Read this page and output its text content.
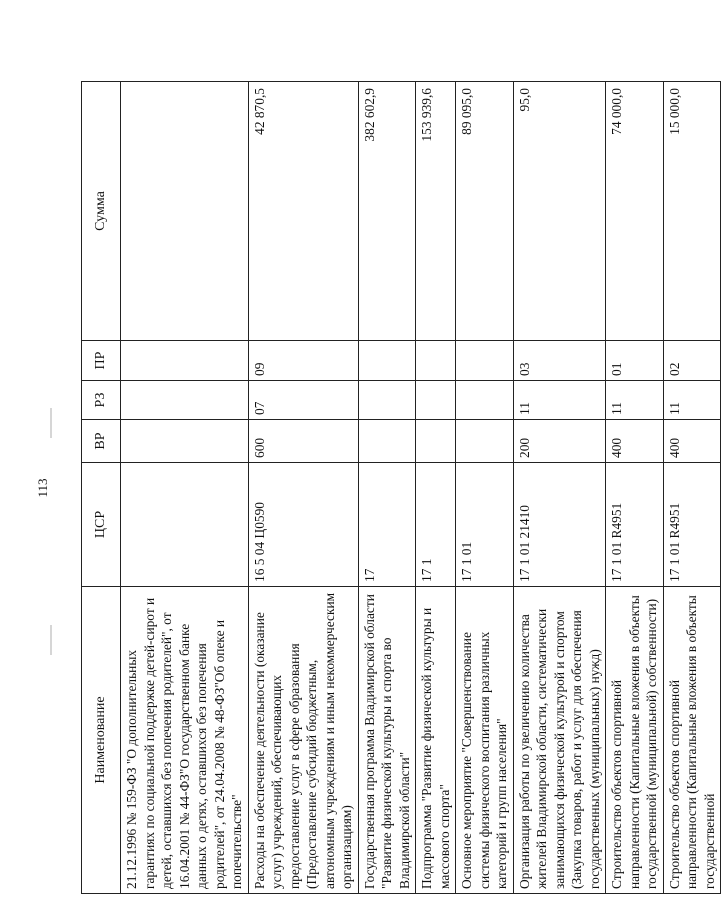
113
Наименование	ЦСР	ВР	РЗ	ПР	Сумма
21.12.1996 № 159-ФЗ "О дополнительных гарантиях по социальной поддержке детей-сирот и детей, оставшихся без попечения родителей", от 16.04.2001 № 44-ФЗ"О государственном банке данных о детях, оставшихся без попечения родителей", от 24.04.2008 № 48-ФЗ"Об опеке и попечительстве"					
Расходы на обеспечение деятельности (оказание услуг) учреждений, обеспечивающих предоставление услуг в сфере образования (Предоставление субсидий бюджетным, автономным учреждениям и иным некоммерческим организациям)	16 5 04 Ц0590	600	07	09	42 870,5
Государственная программа Владимирской области "Развитие физической культуры и спорта во Владимирской области"	17				382 602,9
Подпрограмма "Развитие физической культуры и массового спорта"	17 1				153 939,6
Основное мероприятие "Совершенствование системы физического воспитания различных категорий и групп населения"	17 1 01				89 095,0
Организация работы по увеличению количества жителей Владимирской области, систематически занимающихся физической культурой и спортом (Закупка товаров, работ и услуг для обеспечения государственных (муниципальных) нужд)	17 1 01 21410	200	11	03	95,0
Строительство объектов спортивной направленности (Капитальные вложения в объекты государственной (муниципальной) собственности)	17 1 01 R4951	400	11	01	74 000,0
Строительство объектов спортивной направленности (Капитальные вложения в объекты государственной	17 1 01 R4951	400	11	02	15 000,0
